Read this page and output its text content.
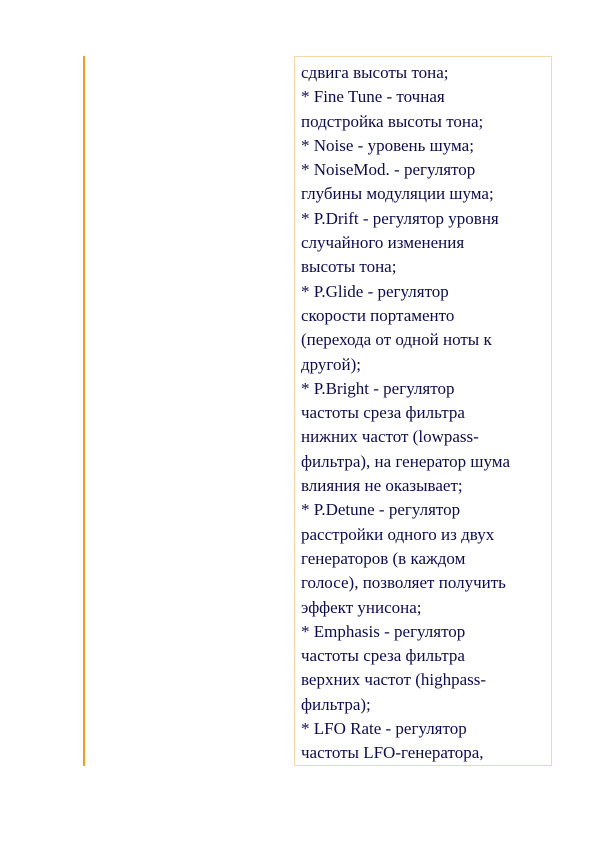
сдвига высоты тона;
* Fine Tune - точная
подстройка высоты тона;
* Noise - уровень шума;
* NoiseMod. - регулятор
глубины модуляции шума;
* P.Drift - регулятор уровня
случайного изменения
высоты тона;
* P.Glide - регулятор
скорости портаменто
(перехода от одной ноты к
другой);
* P.Bright - регулятор
частоты среза фильтра
нижних частот (lowpass-
фильтра), на генератор шума
влияния не оказывает;
* P.Detune - регулятор
расстройки одного из двух
генераторов (в каждом
голосе), позволяет получить
эффект унисона;
* Emphasis - регулятор
частоты среза фильтра
верхних частот (highpass-
фильтра);
* LFO Rate - регулятор
частоты LFO-генератора,
